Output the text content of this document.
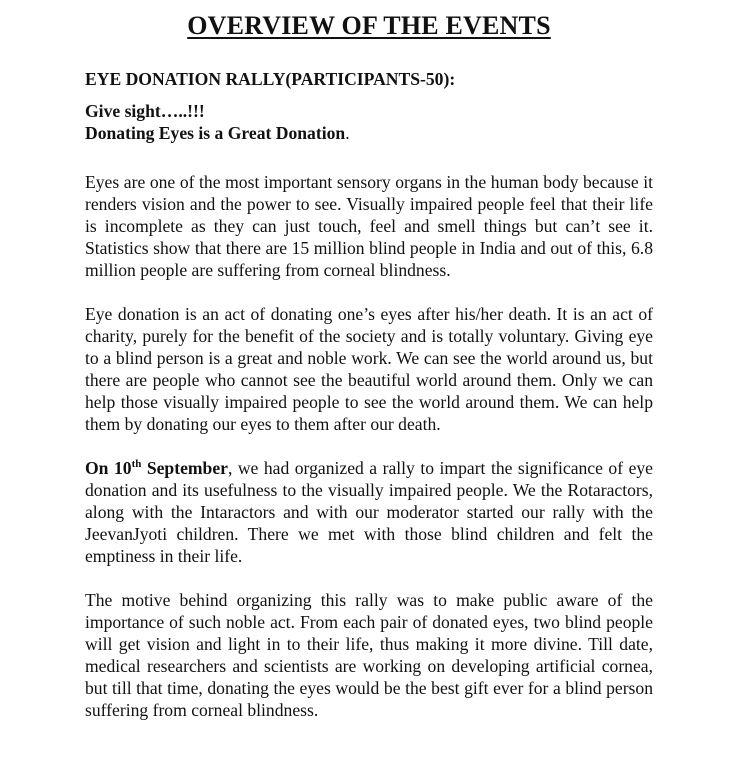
OVERVIEW OF THE EVENTS
EYE DONATION RALLY(PARTICIPANTS-50):
Give sight…..!!!
Donating Eyes is a Great Donation.

Eyes are one of the most important sensory organs in the human body because it renders vision and the power to see. Visually impaired people feel that their life is incomplete as they can just touch, feel and smell things but can’t see it. Statistics show that there are 15 million blind people in India and out of this, 6.8 million people are suffering from corneal blindness.

Eye donation is an act of donating one’s eyes after his/her death. It is an act of charity, purely for the benefit of the society and is totally voluntary. Giving eye to a blind person is a great and noble work. We can see the world around us, but there are people who cannot see the beautiful world around them. Only we can help those visually impaired people to see the world around them. We can help them by donating our eyes to them after our death.

On 10th September, we had organized a rally to impart the significance of eye donation and its usefulness to the visually impaired people. We the Rotaractors, along with the Intaractors and with our moderator started our rally with the JeevanJyoti children. There we met with those blind children and felt the emptiness in their life.

The motive behind organizing this rally was to make public aware of the importance of such noble act. From each pair of donated eyes, two blind people will get vision and light in to their life, thus making it more divine. Till date, medical researchers and scientists are working on developing artificial cornea, but till that time, donating the eyes would be the best gift ever for a blind person suffering from corneal blindness.
